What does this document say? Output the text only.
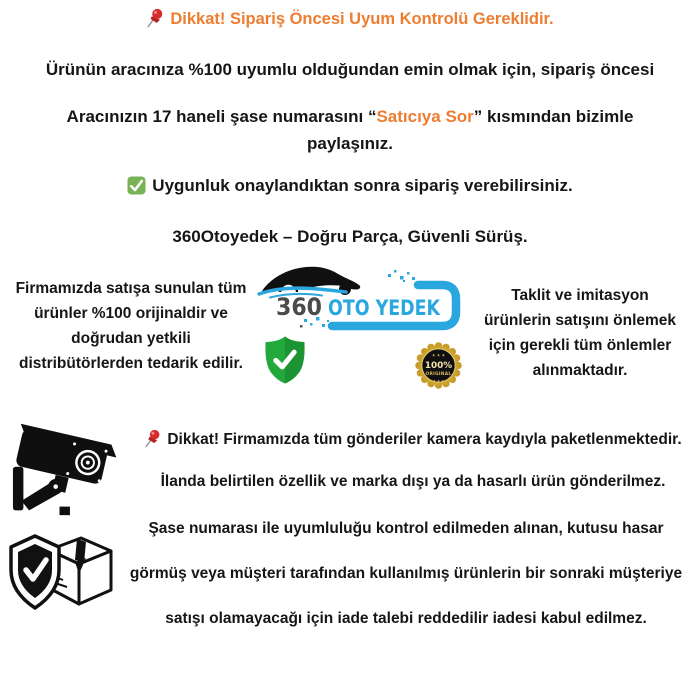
Dikkat! Sipariş Öncesi Uyum Kontrolü Gereklidir.
Ürünün aracınıza %100 uyumlu olduğundan emin olmak için, sipariş öncesi
Aracınızın 17 haneli şase numarasını “Satıcıya Sor” kısmından bizimle
paylaşınız.
Uygunluk onaylandıktan sonra sipariş verebilirsiniz.
360Otoyedek – Doğru Parça, Güvenli Sürüş.
Firmamızda satışa sunulan tüm
ürünler %100 orijinaldir ve
doğrudan yetkili
distribütörlerden tedarik edilir.
360 OTO YEDEK
100%
ORIGINAL
★ ★ ★
★ ★ ★
Taklit ve imitasyon
ürünlerin satışını önlemek
için gerekli tüm önlemler
alınmaktadır.
Dikkat! Firmamızda tüm gönderiler kamera kaydıyla paketlenmektedir.
İlanda belirtilen özellik ve marka dışı ya da hasarlı ürün gönderilmez.
Şase numarası ile uyumluluğu kontrol edilmeden alınan, kutusu hasar
görmüş veya müşteri tarafından kullanılmış ürünlerin bir sonraki müşteriye
satışı olamayacağı için iade talebi reddedilir iadesi kabul edilmez.
